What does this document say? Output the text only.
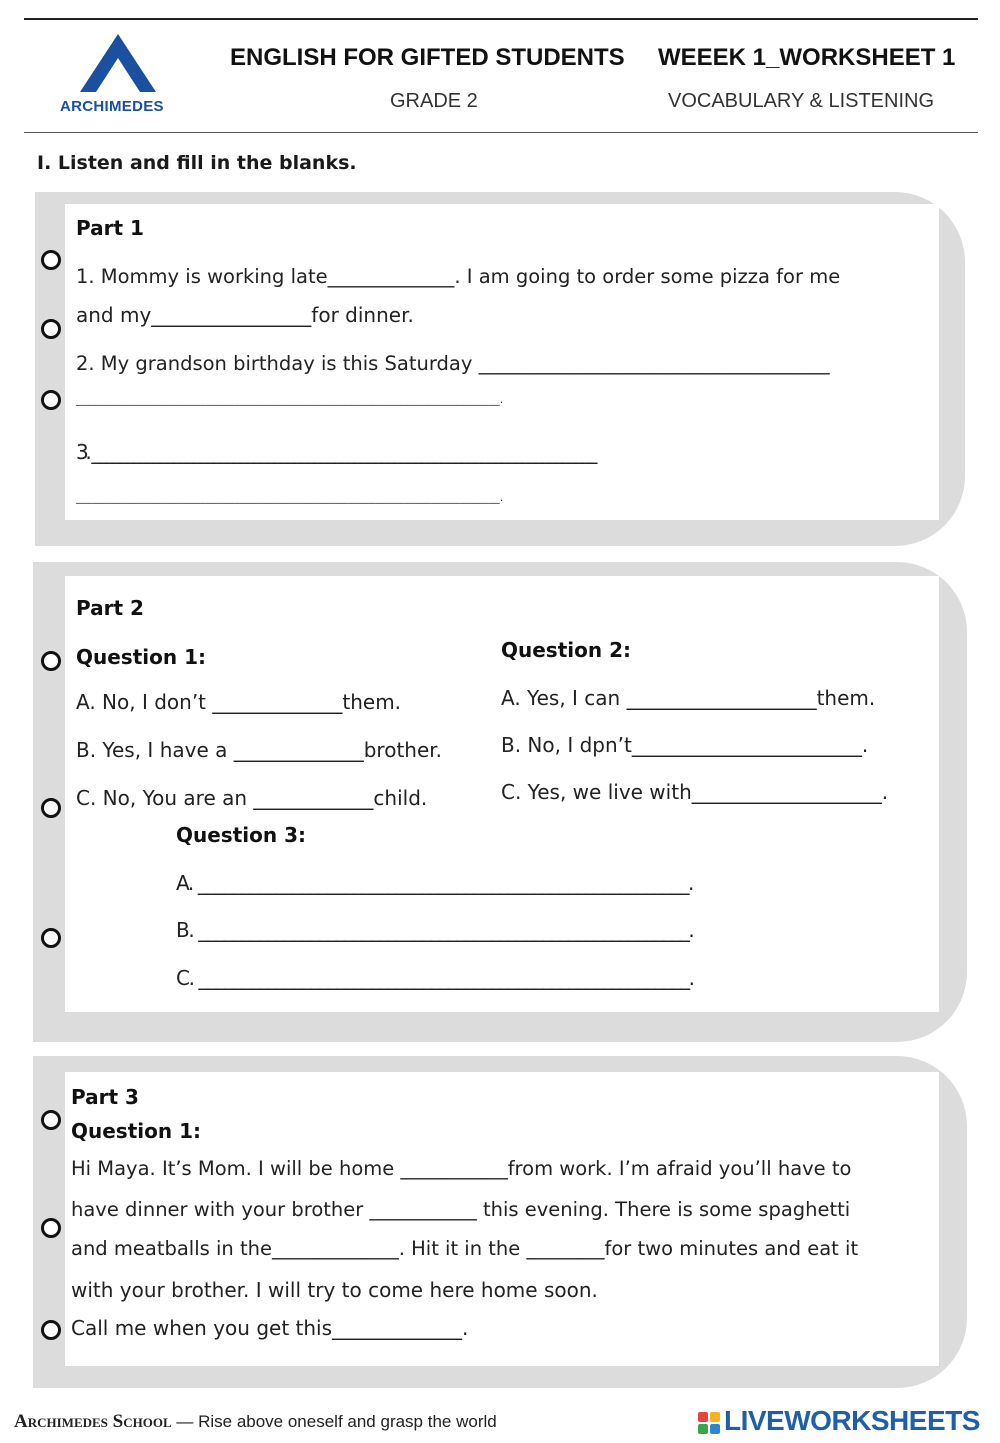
ARCHIMEDES
ENGLISH FOR GIFTED STUDENTS WEEEK 1_WORKSHEET 1
GRADE 2	VOCABULARY & LISTENING
I. Listen and fill in the blanks.
Part 1
1. Mommy is working late_____________. I am going to order some pizza for me
and my________________for dinner.
2. My grandson birthday is this Saturday ____________________________________
___________________________________________________________________________.
3. ___________________________________________________________________________
___________________________________________________________________________.
Part 2
Question 1:
A. No, I don’t _____________them.
B. Yes, I have a _____________brother.
C. No, You are an ____________child.
Question 2:
A. Yes, I can ___________________them.
B. No, I dpn’t_______________________.
C. Yes, we live with___________________.
Question 3:
A. _________________________________________________________.
B. _________________________________________________________.
C. _________________________________________________________.
Part 3
Question 1:
Hi Maya. It’s Mom. I will be home ___________from work. I’m afraid you’ll have to
have dinner with your brother ___________ this evening. There is some spaghetti
and meatballs in the_____________. Hit it in the ________for two minutes and eat it
with your brother. I will try to come here home soon.
Call me when you get this_____________.
Archimedes School — Rise above oneself and grasp the world	LIVEWORKSHEETS
